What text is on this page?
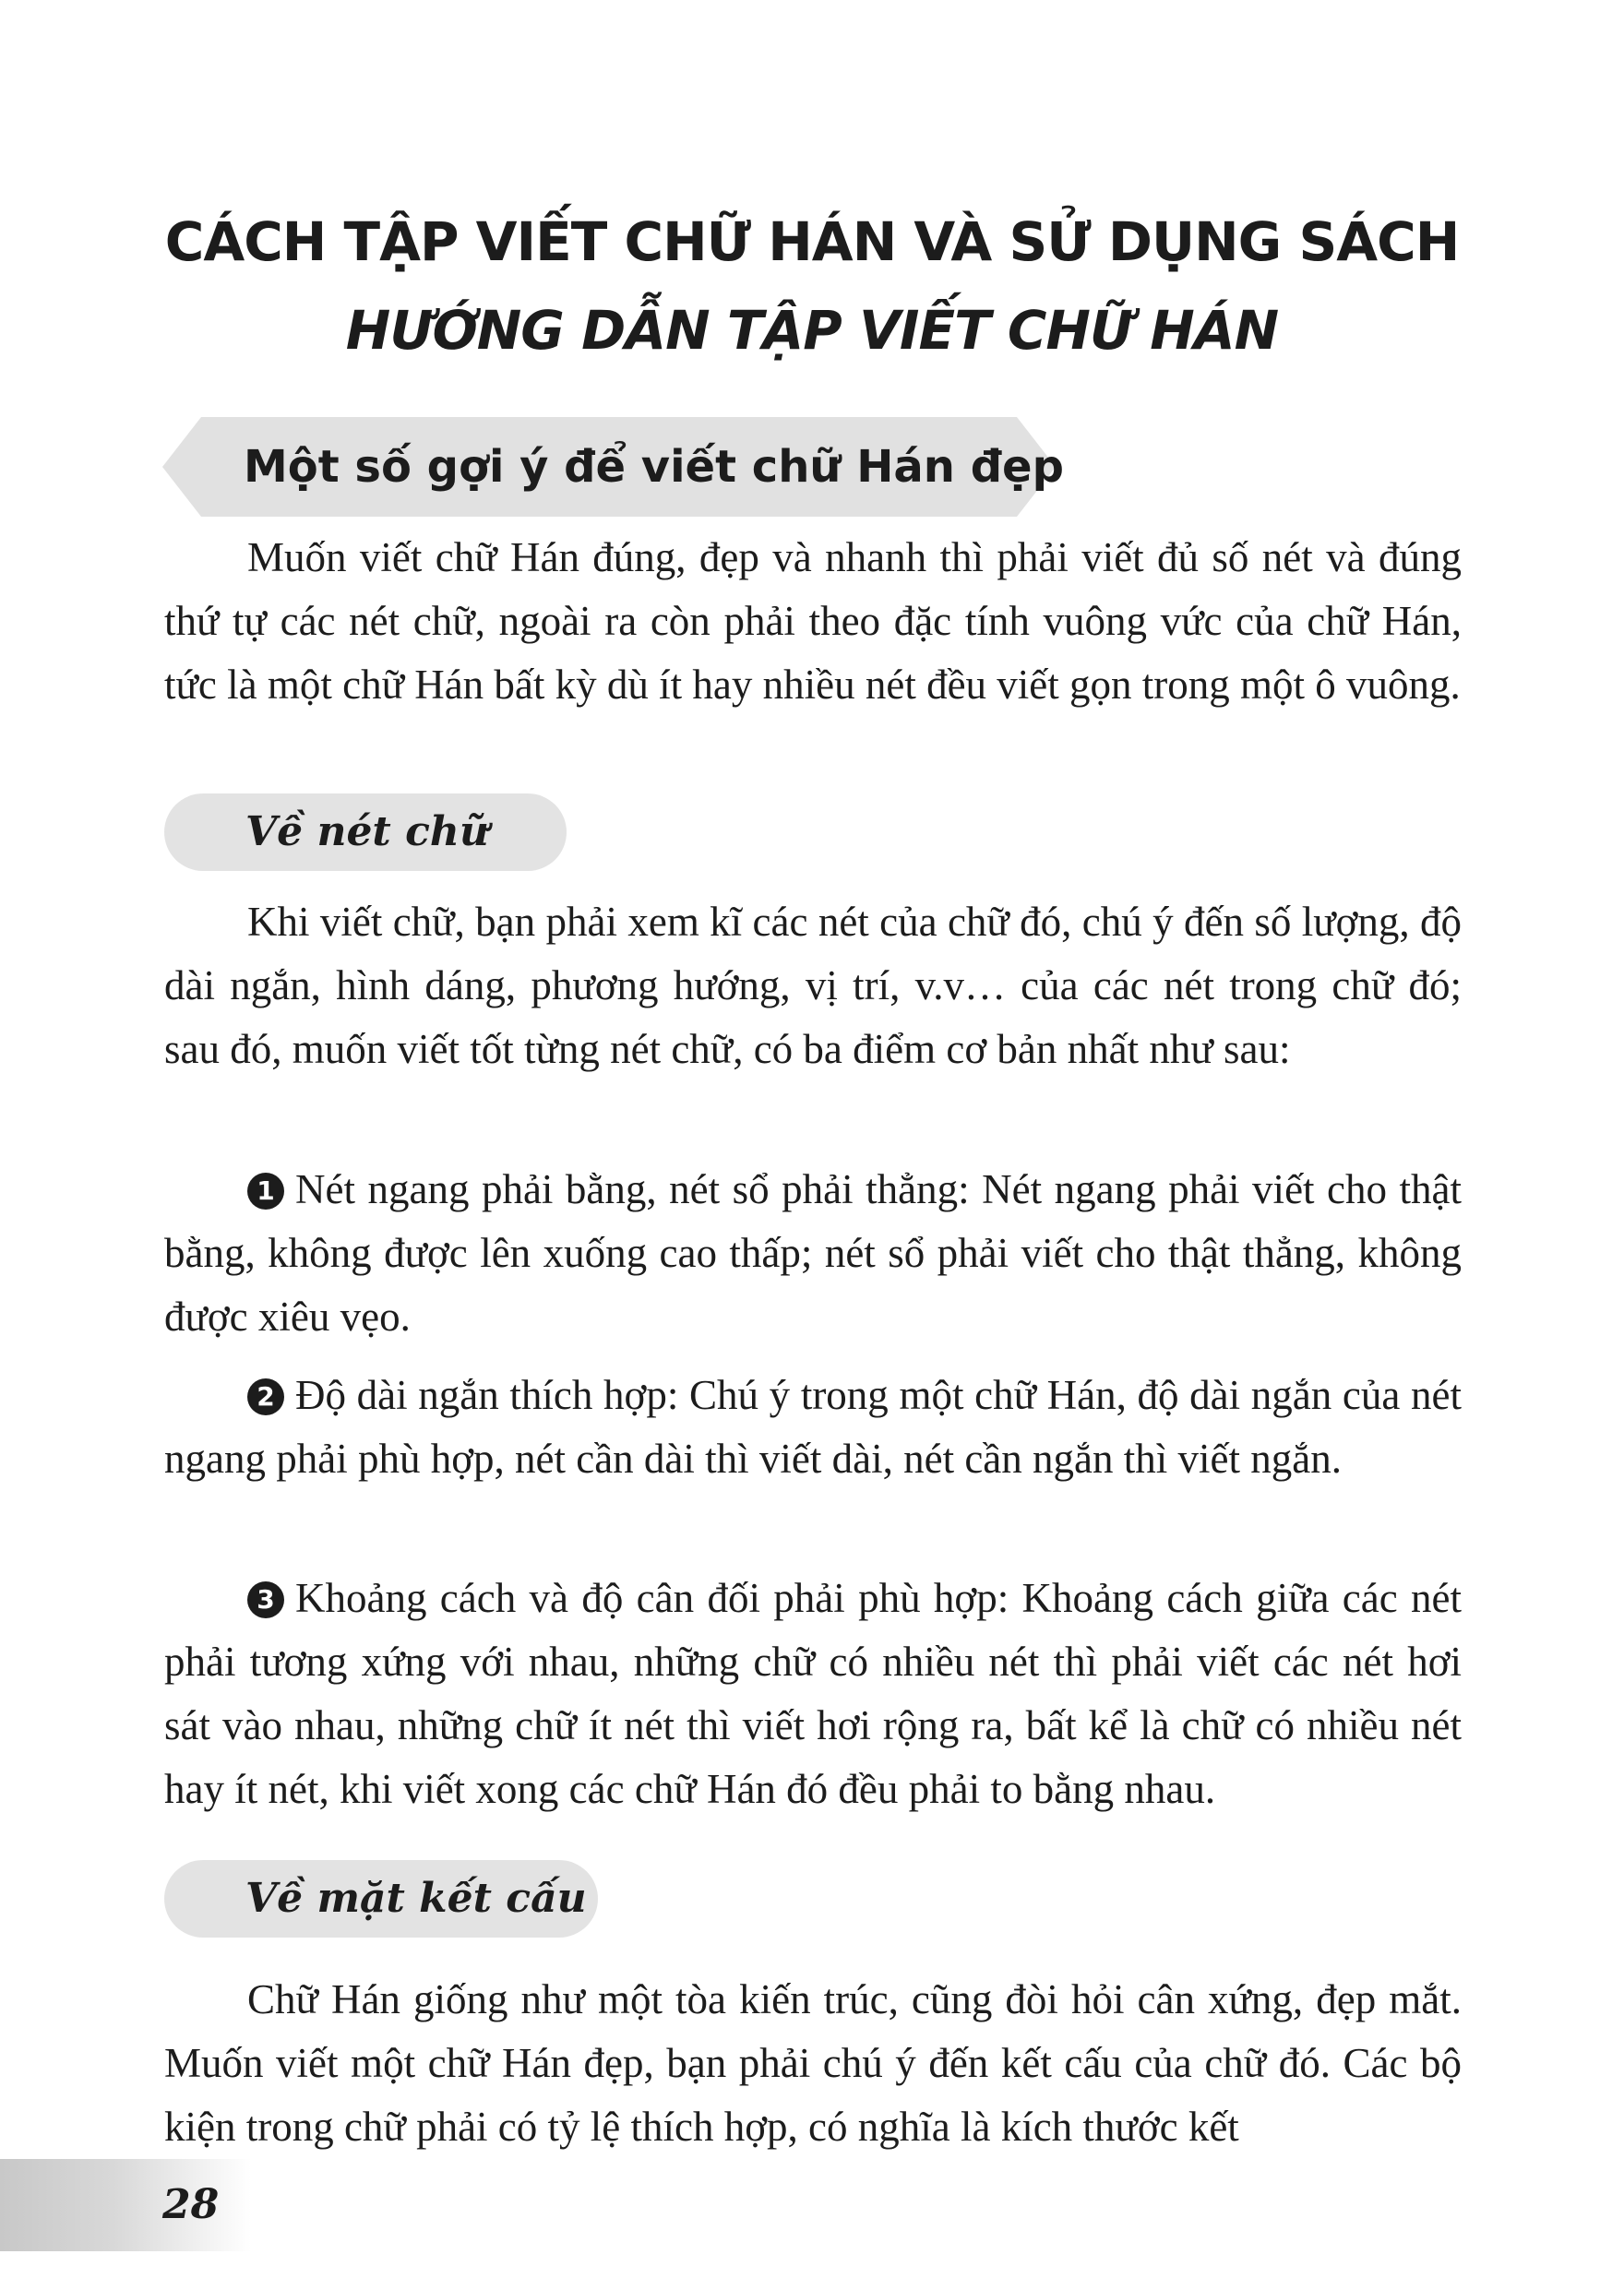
CÁCH TẬP VIẾT CHỮ HÁN VÀ SỬ DỤNG SÁCH
HƯỚNG DẪN TẬP VIẾT CHỮ HÁN
Một số gợi ý để viết chữ Hán đẹp

Muốn viết chữ Hán đúng, đẹp và nhanh thì phải viết đủ số nét và đúng thứ tự các nét chữ, ngoài ra còn phải theo đặc tính vuông vức của chữ Hán, tức là một chữ Hán bất kỳ dù ít hay nhiều nét đều viết gọn trong một ô vuông.

Về nét chữ

Khi viết chữ, bạn phải xem kĩ các nét của chữ đó, chú ý đến số lượng, độ dài ngắn, hình dáng, phương hướng, vị trí, v.v… của các nét trong chữ đó; sau đó, muốn viết tốt từng nét chữ, có ba điểm cơ bản nhất như sau:

1 Nét ngang phải bằng, nét sổ phải thẳng: Nét ngang phải viết cho thật bằng, không được lên xuống cao thấp; nét sổ phải viết cho thật thẳng, không được xiêu vẹo.

2 Độ dài ngắn thích hợp: Chú ý trong một chữ Hán, độ dài ngắn của nét ngang phải phù hợp, nét cần dài thì viết dài, nét cần ngắn thì viết ngắn.

3 Khoảng cách và độ cân đối phải phù hợp: Khoảng cách giữa các nét phải tương xứng với nhau, những chữ có nhiều nét thì phải viết các nét hơi sát vào nhau, những chữ ít nét thì viết hơi rộng ra, bất kể là chữ có nhiều nét hay ít nét, khi viết xong các chữ Hán đó đều phải to bằng nhau.

Về mặt kết cấu

Chữ Hán giống như một tòa kiến trúc, cũng đòi hỏi cân xứng, đẹp mắt. Muốn viết một chữ Hán đẹp, bạn phải chú ý đến kết cấu của chữ đó. Các bộ kiện trong chữ phải có tỷ lệ thích hợp, có nghĩa là kích thước kết

28
